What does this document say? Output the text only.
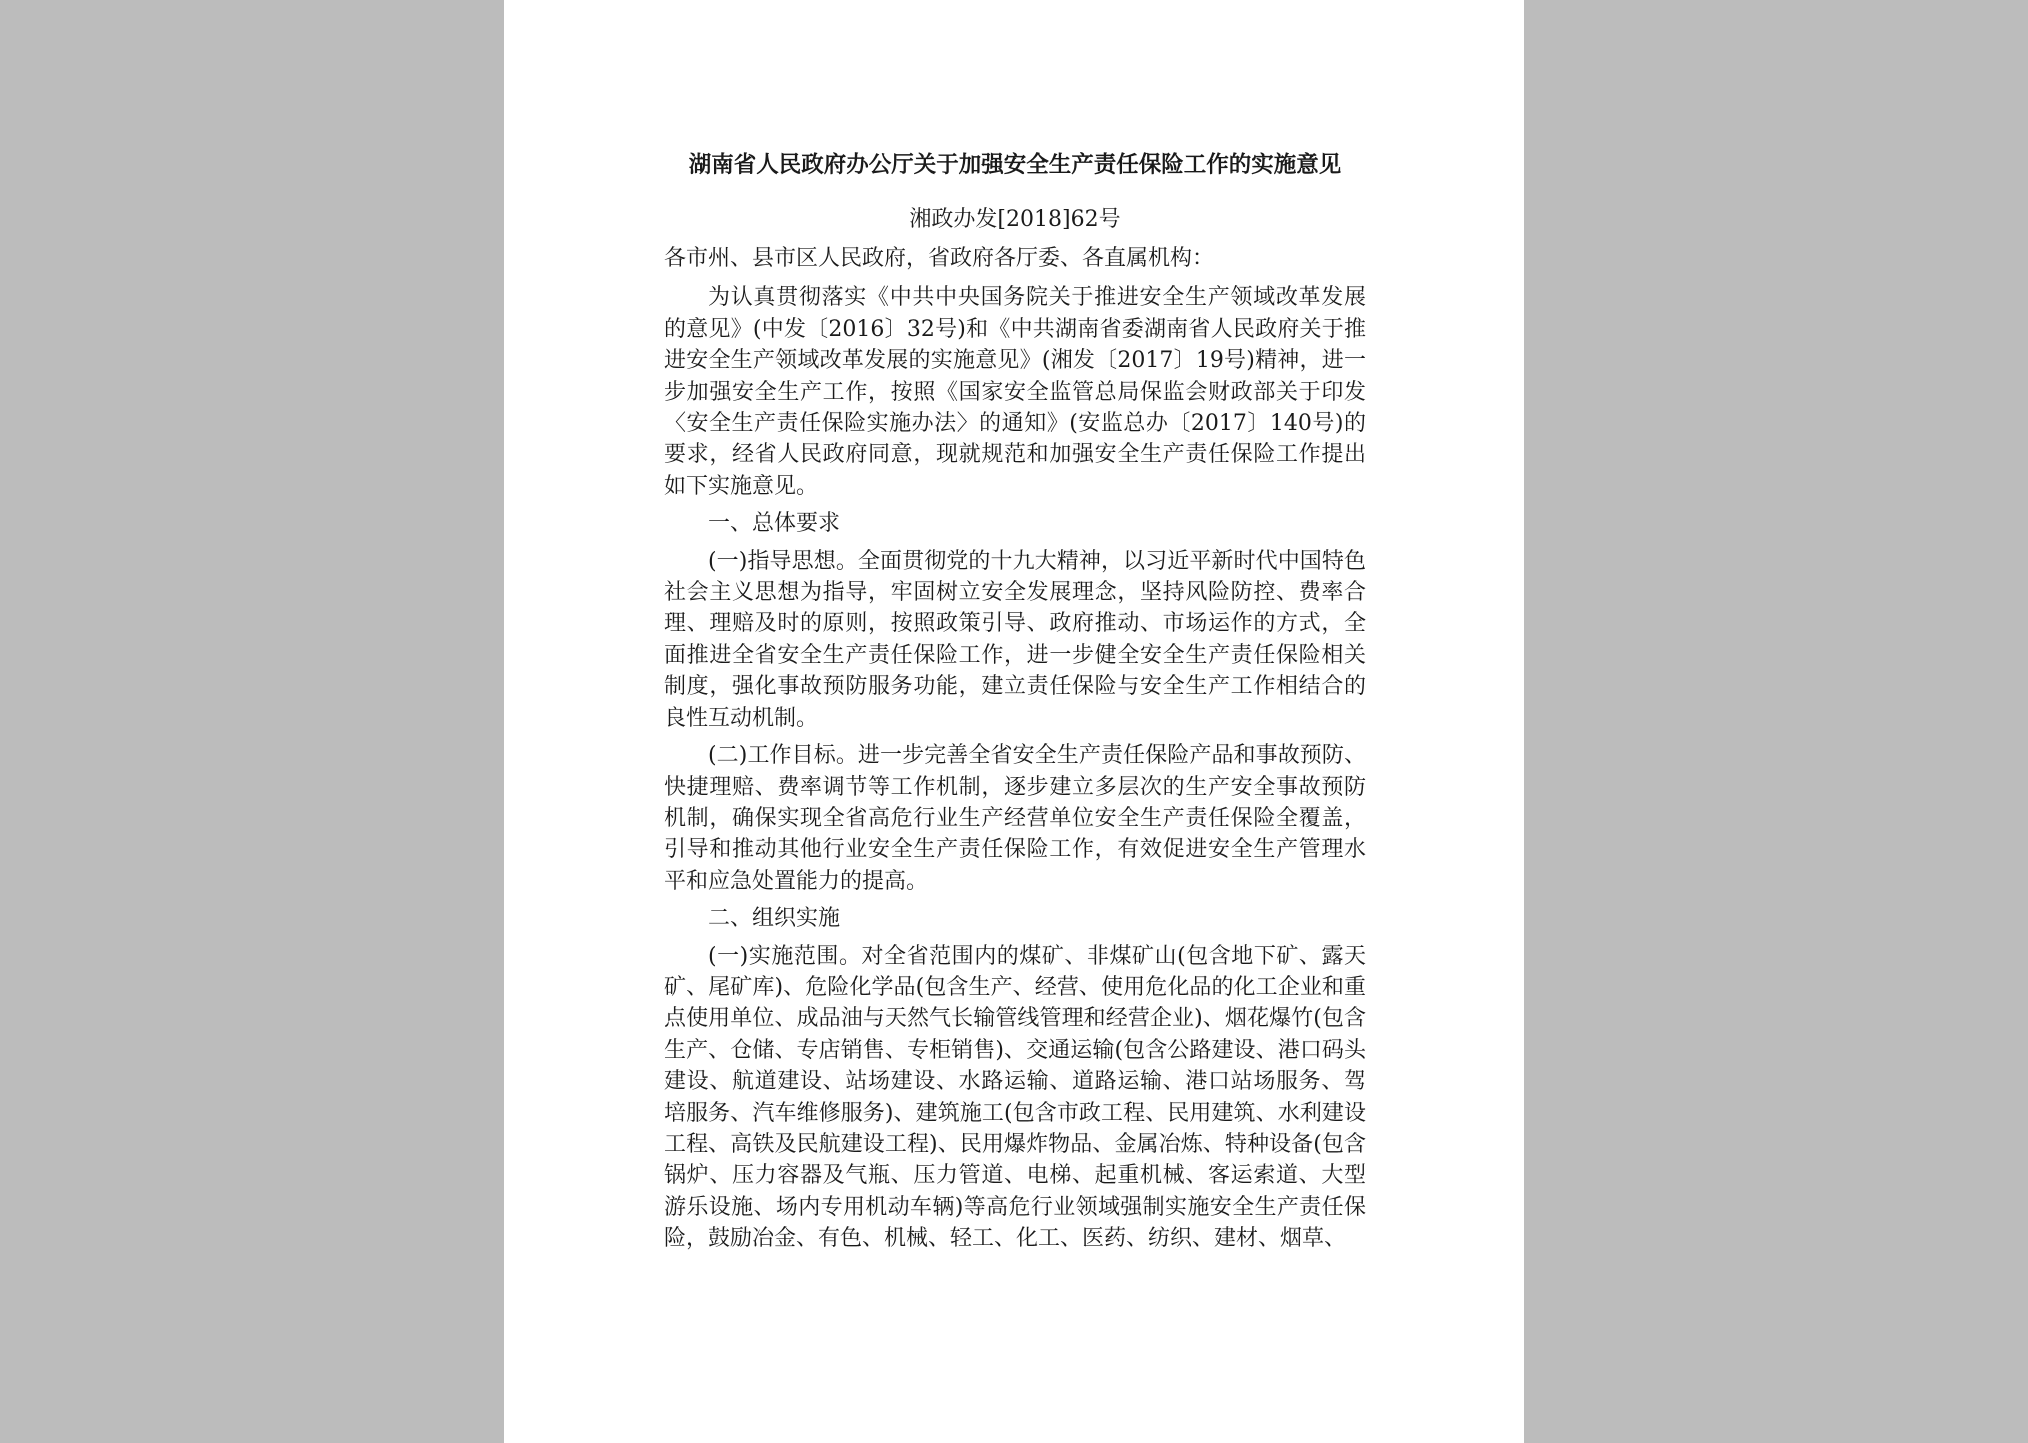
湖南省人民政府办公厅关于加强安全生产责任保险工作的实施意见
湘政办发[2018]62号

各市州、县市区人民政府，省政府各厅委、各直属机构：

为认真贯彻落实《中共中央国务院关于推进安全生产领域改革发展的意见》(中发〔2016〕32号)和《中共湖南省委湖南省人民政府关于推进安全生产领域改革发展的实施意见》(湘发〔2017〕19号)精神，进一步加强安全生产工作，按照《国家安全监管总局保监会财政部关于印发〈安全生产责任保险实施办法〉的通知》(安监总办〔2017〕140号)的要求，经省人民政府同意，现就规范和加强安全生产责任保险工作提出如下实施意见。

一、总体要求

(一)指导思想。全面贯彻党的十九大精神，以习近平新时代中国特色社会主义思想为指导，牢固树立安全发展理念，坚持风险防控、费率合理、理赔及时的原则，按照政策引导、政府推动、市场运作的方式，全面推进全省安全生产责任保险工作，进一步健全安全生产责任保险相关制度，强化事故预防服务功能，建立责任保险与安全生产工作相结合的良性互动机制。

(二)工作目标。进一步完善全省安全生产责任保险产品和事故预防、快捷理赔、费率调节等工作机制，逐步建立多层次的生产安全事故预防机制，确保实现全省高危行业生产经营单位安全生产责任保险全覆盖，引导和推动其他行业安全生产责任保险工作，有效促进安全生产管理水平和应急处置能力的提高。

二、组织实施

(一)实施范围。对全省范围内的煤矿、非煤矿山(包含地下矿、露天矿、尾矿库)、危险化学品(包含生产、经营、使用危化品的化工企业和重点使用单位、成品油与天然气长输管线管理和经营企业)、烟花爆竹(包含生产、仓储、专店销售、专柜销售)、交通运输(包含公路建设、港口码头建设、航道建设、站场建设、水路运输、道路运输、港口站场服务、驾培服务、汽车维修服务)、建筑施工(包含市政工程、民用建筑、水利建设工程、高铁及民航建设工程)、民用爆炸物品、金属冶炼、特种设备(包含锅炉、压力容器及气瓶、压力管道、电梯、起重机械、客运索道、大型游乐设施、场内专用机动车辆)等高危行业领域强制实施安全生产责任保险，鼓励冶金、有色、机械、轻工、化工、医药、纺织、建材、烟草、
